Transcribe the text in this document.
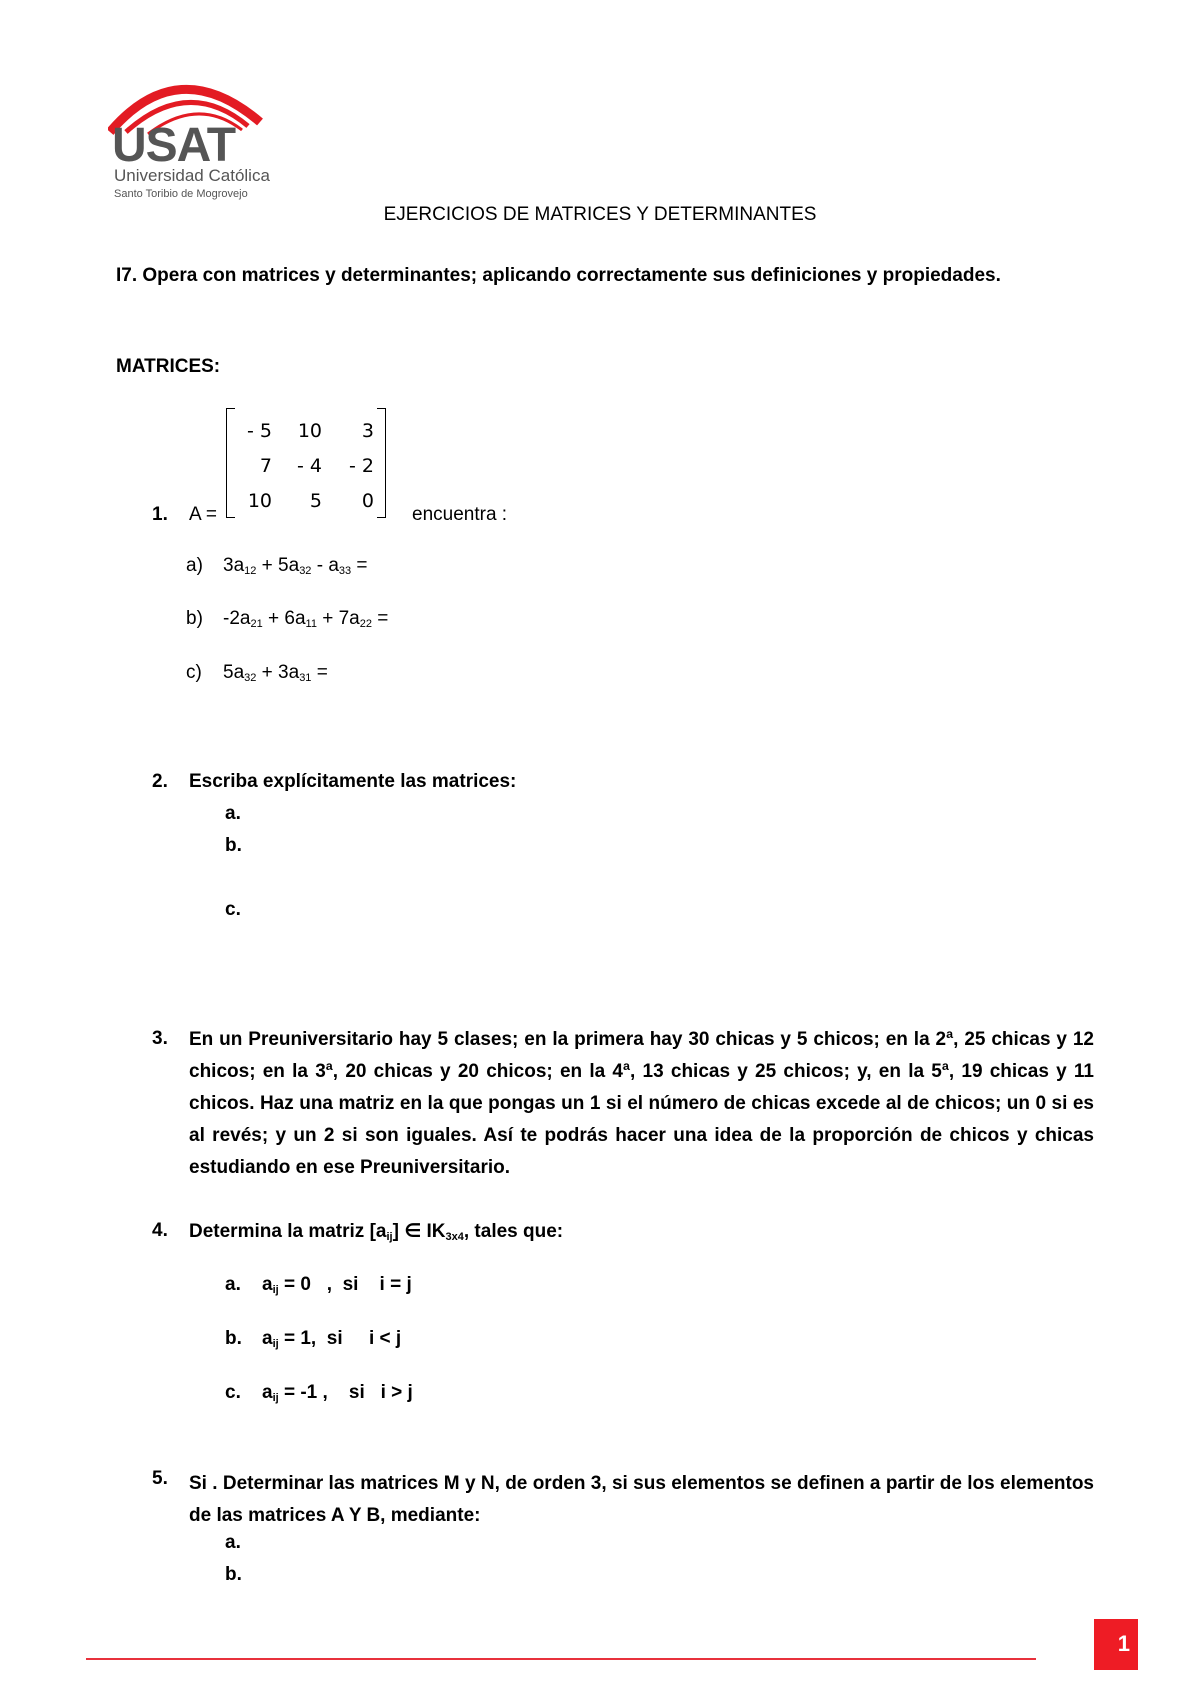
USAT
Universidad Católica
Santo Toribio de Mogrovejo
EJERCICIOS DE MATRICES Y DETERMINANTES
I7. Opera con matrices y determinantes; aplicando correctamente sus definiciones y propiedades.
MATRICES:
- 5	10	3
7	- 4	- 2
10	5	0
1. A =	encuentra :
a) $3a_{12} + 5a_{32} - a_{33}$ =
b) $-2a_{21} + 6a_{11} + 7a_{22}$ =
c) $5a_{32} + 3a_{31}$ =
2. Escriba explícitamente las matrices:
a.
b.
c.
3. En un Preuniversitario hay 5 clases; en la primera hay 30 chicas y 5 chicos; en la 2ª, 25 chicas y 12 chicos; en la 3ª, 20 chicas y 20 chicos; en la 4ª, 13 chicas y 25 chicos; y, en la 5ª, 19 chicas y 11 chicos. Haz una matriz en la que pongas un 1 si el número de chicas excede al de chicos; un 0 si es al revés; y un 2 si son iguales. Así te podrás hacer una idea de la proporción de chicos y chicas estudiando en ese Preuniversitario.
4. Determina la matriz $[a_{ij}]$ ∈ $IK_{3x4}$, tales que:
a. $a_{ij} = 0$   ,  si    i = j
b. $a_{ij} = 1$,  si     i < j
c. $a_{ij} = -1$ ,    si   i > j
5. Si . Determinar las matrices M y N, de orden 3, si sus elementos se definen a partir de los elementos de las matrices A Y B, mediante:
a.
b.
1
